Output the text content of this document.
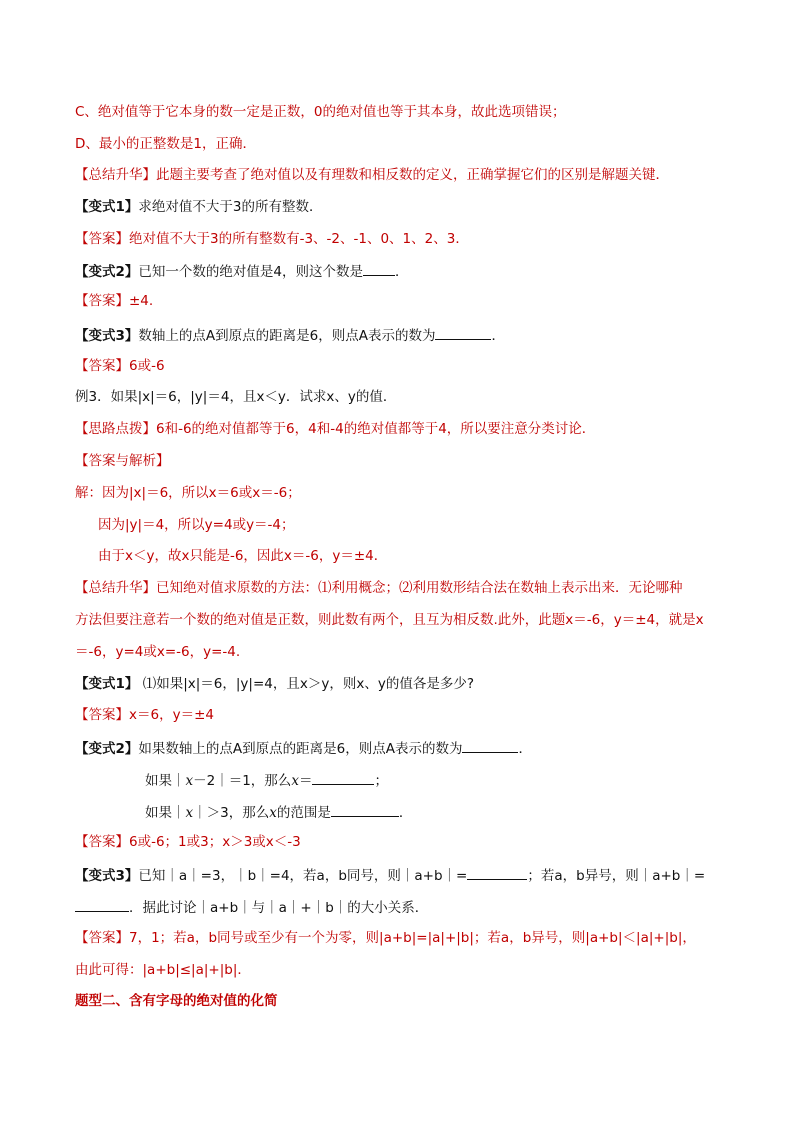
C、绝对值等于它本身的数一定是正数，0的绝对值也等于其本身，故此选项错误；
D、最小的正整数是1，正确．
【总结升华】此题主要考查了绝对值以及有理数和相反数的定义，正确掌握它们的区别是解题关键．
【变式1】求绝对值不大于3的所有整数．
【答案】绝对值不大于3的所有整数有-3、-2、-1、0、1、2、3．
【变式2】已知一个数的绝对值是4，则这个数是 ．
【答案】±4.
【变式3】数轴上的点A到原点的距离是6，则点A表示的数为	．
【答案】6或-6
例3．如果|x|＝6，|y|＝4，且x＜y．试求x、y的值．
【思路点拨】6和-6的绝对值都等于6，4和-4的绝对值都等于4，所以要注意分类讨论．
【答案与解析】
解：因为|x|＝6，所以x＝6或x＝-6；
因为|y|＝4，所以y=4或y＝-4；
由于x＜y，故x只能是-6，因此x＝-6，y＝±4．
【总结升华】已知绝对值求原数的方法：⑴利用概念；⑵利用数形结合法在数轴上表示出来．无论哪种
方法但要注意若一个数的绝对值是正数，则此数有两个，且互为相反数.此外，此题x＝-6，y＝±4，就是x
＝-6，y=4或x=-6，y=-4.
【变式1】 ⑴如果|x|＝6，|y|=4，且x＞y，则x、y的值各是多少?
【答案】x＝6，y＝±4
【变式2】如果数轴上的点A到原点的距离是6，则点A表示的数为	．
如果｜x－2｜＝1，那么x＝	；
如果｜x｜＞3，那么x的范围是	．
【答案】6或-6；1或3；x＞3或x＜-3
【变式3】已知｜a｜=3，｜b｜=4，若a，b同号，则｜a+b｜=	；若a，b异号，则｜a+b｜=
．据此讨论｜a+b｜与｜a｜+｜b｜的大小关系．
【答案】7，1；若a，b同号或至少有一个为零，则|a+b|=|a|+|b|；若a，b异号，则|a+b|＜|a|+|b|，
由此可得：|a+b|≤|a|+|b|．
题型二、含有字母的绝对值的化简
